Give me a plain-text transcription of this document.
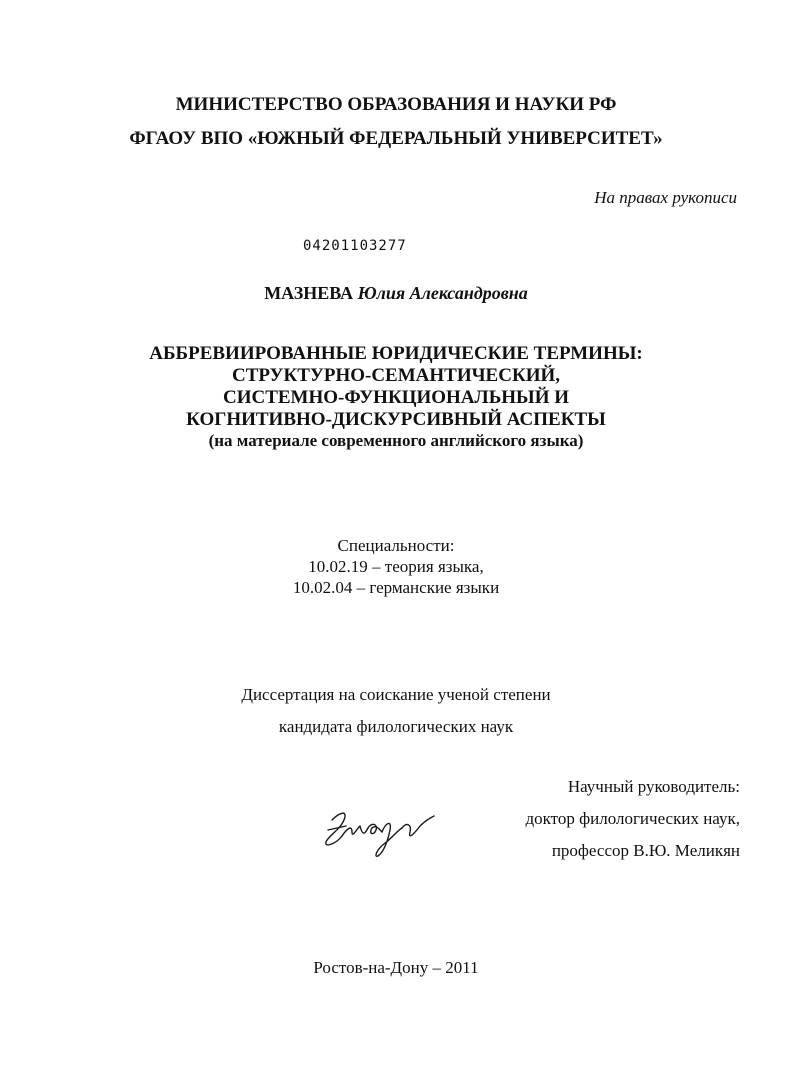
МИНИСТЕРСТВО ОБРАЗОВАНИЯ И НАУКИ РФ
ФГАОУ ВПО «ЮЖНЫЙ ФЕДЕРАЛЬНЫЙ УНИВЕРСИТЕТ»
На правах рукописи
04201103277
МАЗНЕВА Юлия Александровна
АББРЕВИИРОВАННЫЕ ЮРИДИЧЕСКИЕ ТЕРМИНЫ:
СТРУКТУРНО-СЕМАНТИЧЕСКИЙ,
СИСТЕМНО-ФУНКЦИОНАЛЬНЫЙ И
КОГНИТИВНО-ДИСКУРСИВНЫЙ АСПЕКТЫ
(на материале современного английского языка)
Специальности:
10.02.19 – теория языка,
10.02.04 – германские языки
Диссертация на соискание ученой степени
кандидата филологических наук
Научный руководитель:
доктор филологических наук,
профессор В.Ю. Меликян
Ростов-на-Дону – 2011
